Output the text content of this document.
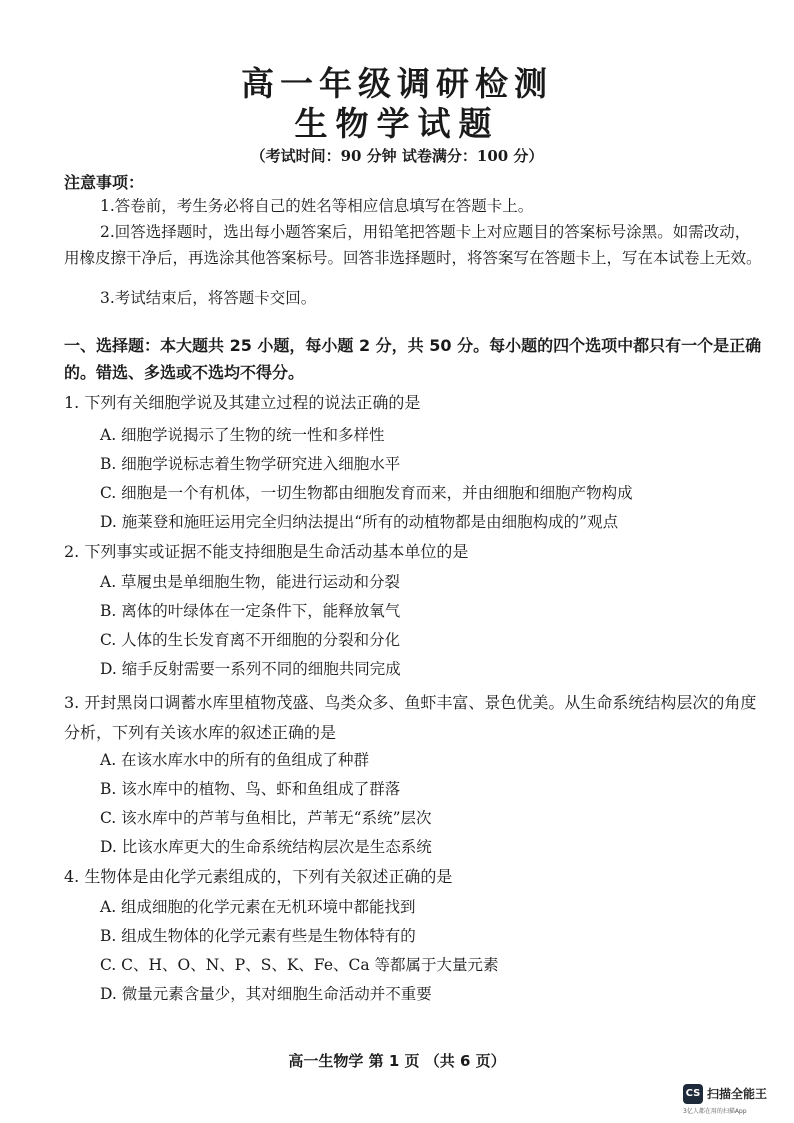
高一年级调研检测
生物学试题
（考试时间：90 分钟 试卷满分：100 分）
注意事项：
1.答卷前，考生务必将自己的姓名等相应信息填写在答题卡上。
2.回答选择题时，选出每小题答案后，用铅笔把答题卡上对应题目的答案标号涂黑。如需改动，用橡皮擦干净后，再选涂其他答案标号。回答非选择题时，将答案写在答题卡上，写在本试卷上无效。
3.考试结束后，将答题卡交回。
一、选择题：本大题共 25 小题，每小题 2 分，共 50 分。每小题的四个选项中都只有一个是正确的。错选、多选或不选均不得分。
1. 下列有关细胞学说及其建立过程的说法正确的是
A. 细胞学说揭示了生物的统一性和多样性
B. 细胞学说标志着生物学研究进入细胞水平
C. 细胞是一个有机体，一切生物都由细胞发育而来，并由细胞和细胞产物构成
D. 施莱登和施旺运用完全归纳法提出“所有的动植物都是由细胞构成的”观点
2. 下列事实或证据不能支持细胞是生命活动基本单位的是
A. 草履虫是单细胞生物，能进行运动和分裂
B. 离体的叶绿体在一定条件下，能释放氧气
C. 人体的生长发育离不开细胞的分裂和分化
D. 缩手反射需要一系列不同的细胞共同完成
3. 开封黑岗口调蓄水库里植物茂盛、鸟类众多、鱼虾丰富、景色优美。从生命系统结构层次的角度分析，下列有关该水库的叙述正确的是
A. 在该水库水中的所有的鱼组成了种群
B. 该水库中的植物、鸟、虾和鱼组成了群落
C. 该水库中的芦苇与鱼相比，芦苇无“系统”层次
D. 比该水库更大的生命系统结构层次是生态系统
4. 生物体是由化学元素组成的，下列有关叙述正确的是
A. 组成细胞的化学元素在无机环境中都能找到
B. 组成生物体的化学元素有些是生物体特有的
C. C、H、O、N、P、S、K、Fe、Ca 等都属于大量元素
D. 微量元素含量少，其对细胞生命活动并不重要
高一生物学 第 1 页 （共 6 页）
CS 扫描全能王
3亿人都在用的扫描App
